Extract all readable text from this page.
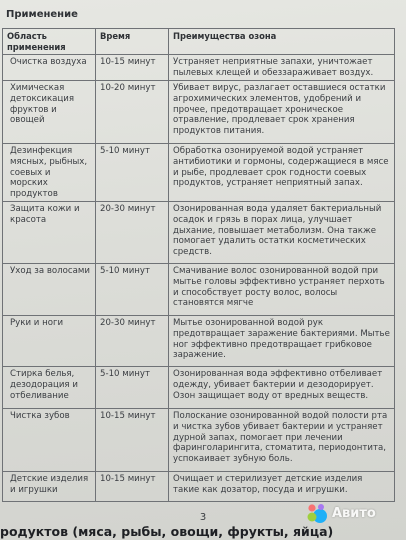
Применение
Область применения	Время	Преимущества озона
Очистка воздуха	10-15 минут	Устраняет неприятные запахи, уничтожает пылевых клещей и обеззараживает воздух.
Химическая детоксикация фруктов и овощей	10-20 минут	Убивает вирус, разлагает оставшиеся остатки агрохимических элементов, удобрений и прочее, предотвращает хроническое отравление, продлевает срок хранения продуктов питания.
Дезинфекция мясных, рыбных, соевых и морских продуктов	5-10 минут	Обработка озонируемой водой устраняет антибиотики и гормоны, содержащиеся в мясе и рыбе, продлевает срок годности соевых продуктов, устраняет неприятный запах.
Защита кожи и красота	20-30 минут	Озонированная вода удаляет бактериальный осадок и грязь в порах лица, улучшает дыхание, повышает метаболизм. Она также помогает удалить остатки косметических средств.
Уход за волосами	5-10 минут	Смачивание волос озонированной водой при мытье головы эффективно устраняет перхоть и способствует росту волос, волосы становятся мягче
Руки и ноги	20-30 минут	Мытье озонированной водой рук предотвращает заражение бактериями. Мытье ног эффективно предотвращает грибковое заражение.
Стирка белья, дезодорация и отбеливание	5-10 минут	Озонированная вода эффективно отбеливает одежду, убивает бактерии и дезодорирует. Озон защищает воду от вредных веществ.
Чистка зубов	10-15 минут	Полоскание озонированной водой полости рта и чистка зубов убивает бактерии и устраняет дурной запах, помогает при лечении фаринголарингита, стоматита, периодонтита, успокаивает зубную боль.
Детские изделия и игрушки	10-15 минут	Очищает и стерилизует детские изделия такие как дозатор, посуда и игрушки.
3
родуктов (мяса, рыбы, овощи, фрукты, яйца)
Авито
